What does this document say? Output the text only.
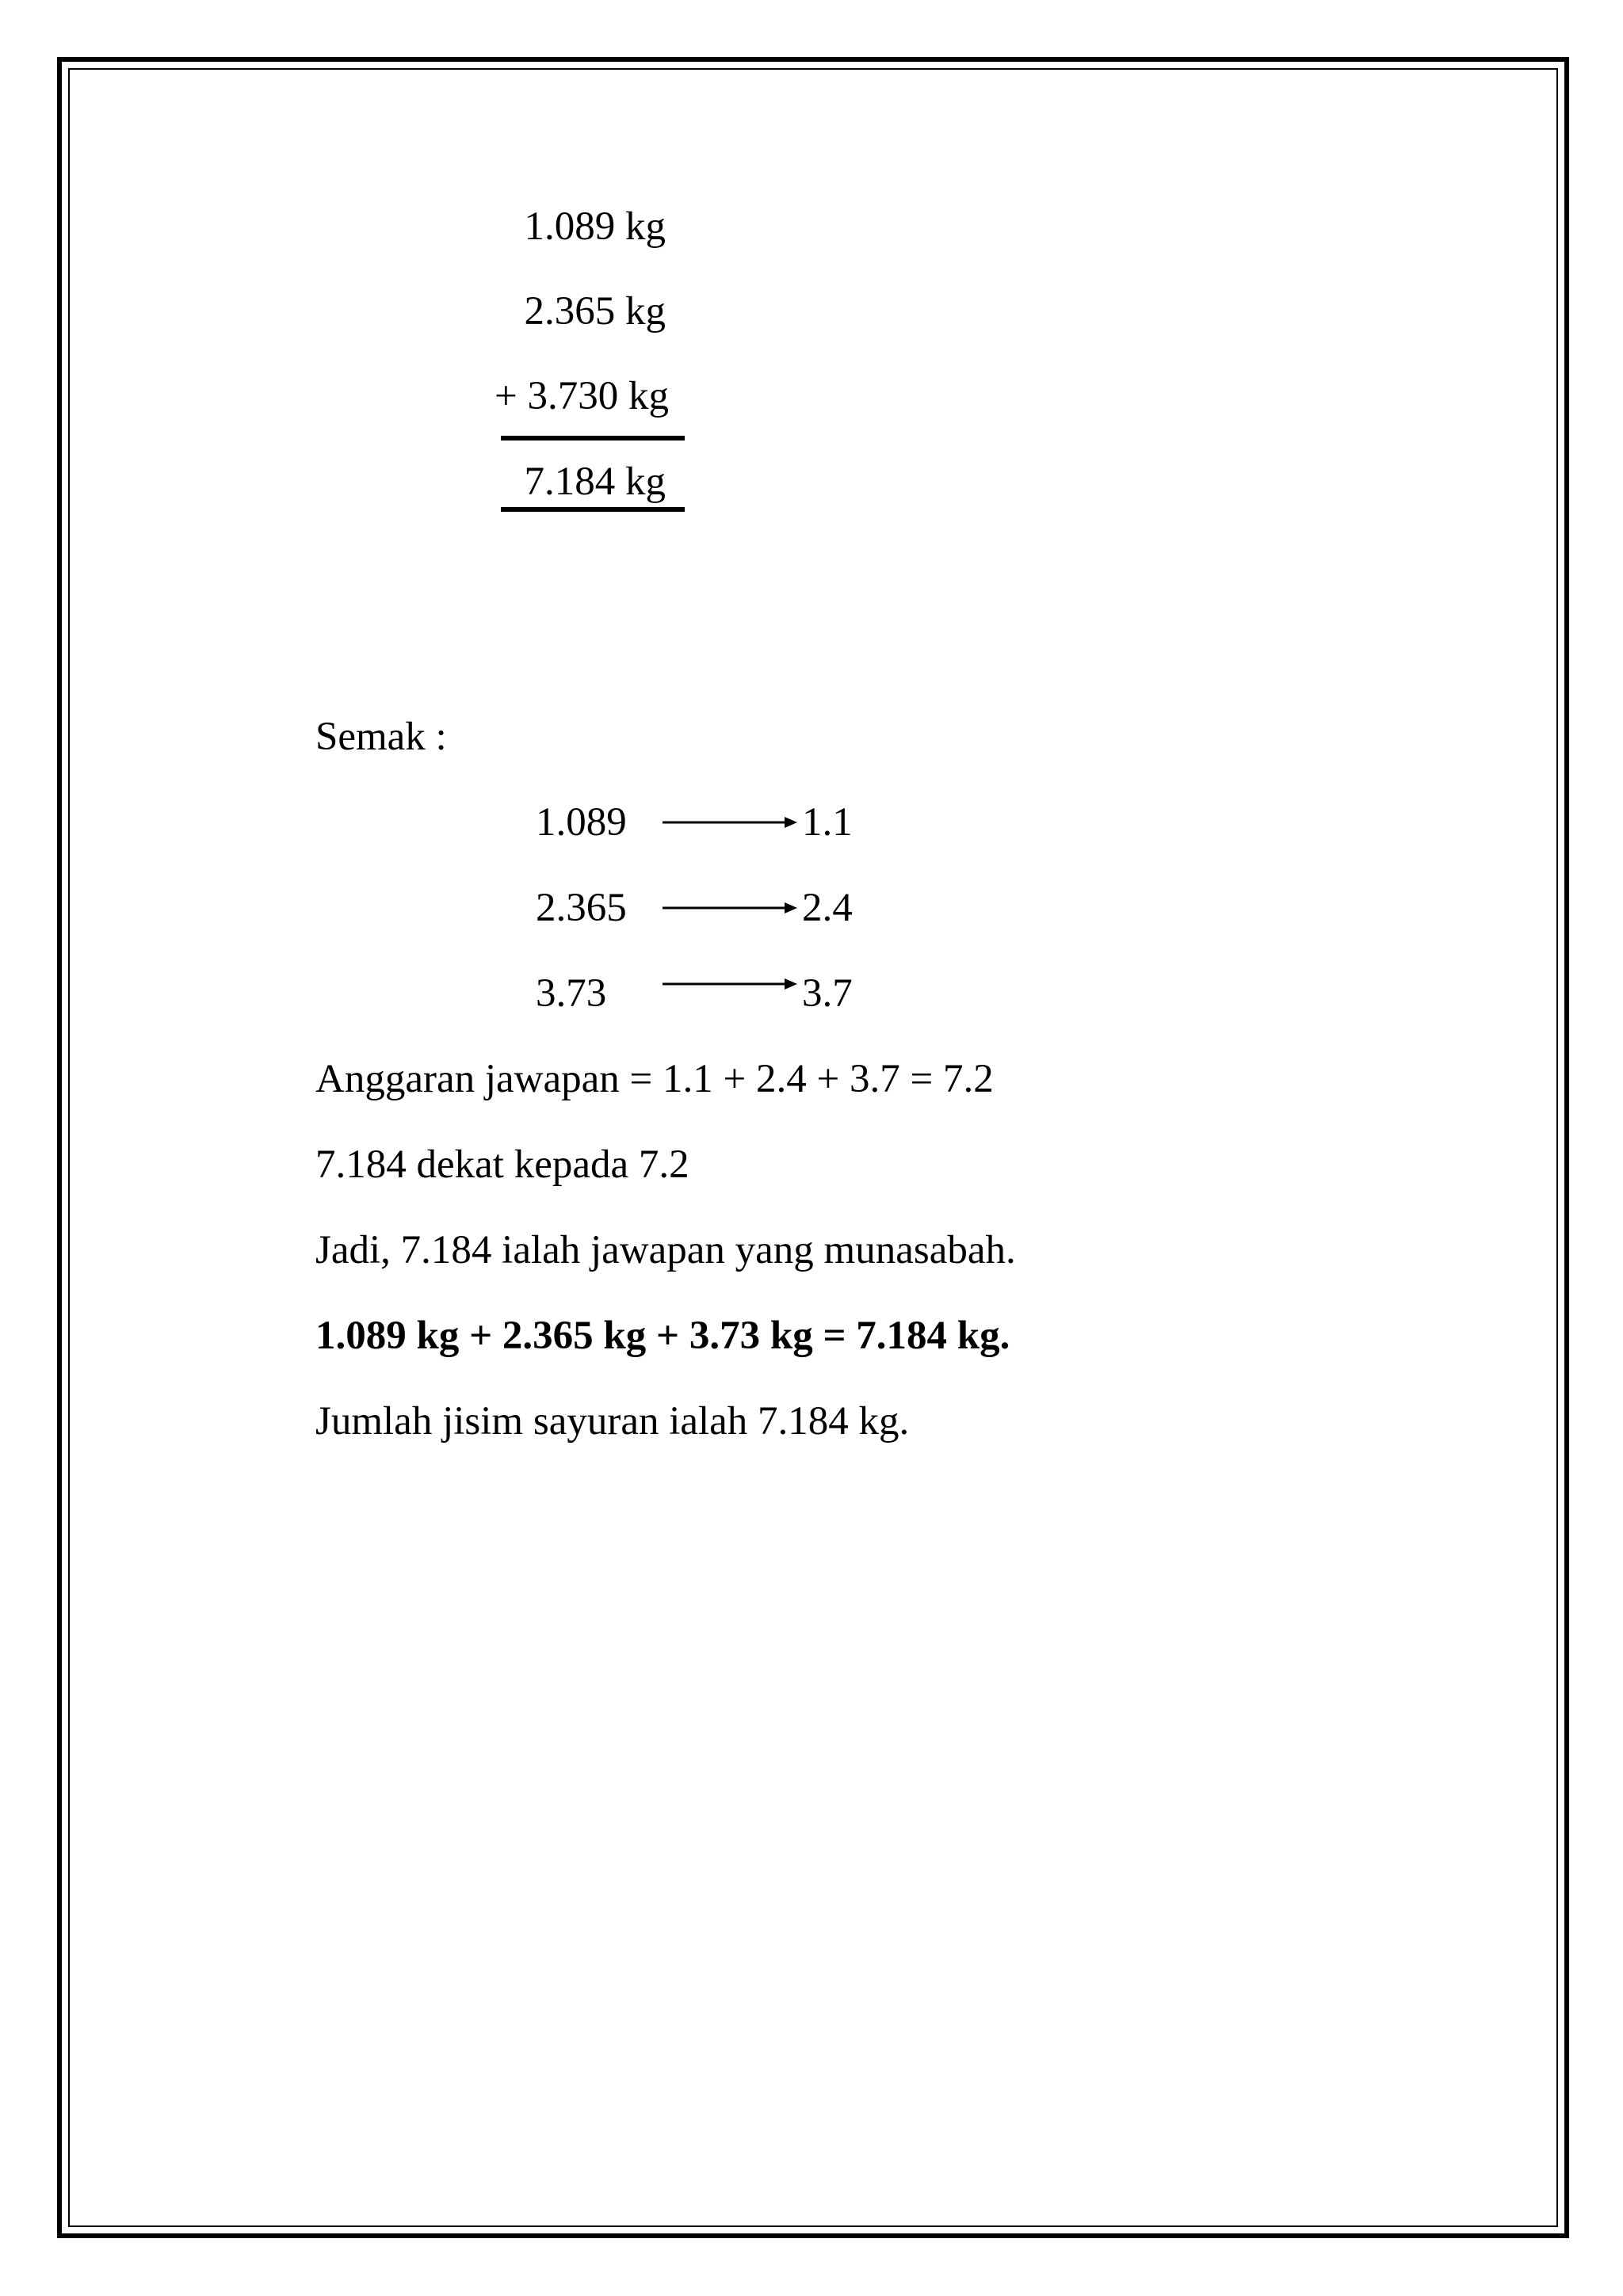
1.089 kg
2.365 kg
+ 3.730 kg
7.184 kg
Semak :
1.089	1.1
2.365	2.4
3.73	3.7
Anggaran jawapan = 1.1 + 2.4 + 3.7 = 7.2
7.184 dekat kepada 7.2
Jadi, 7.184 ialah jawapan yang munasabah.
1.089 kg + 2.365 kg + 3.73 kg = 7.184 kg.
Jumlah jisim sayuran ialah 7.184 kg.
